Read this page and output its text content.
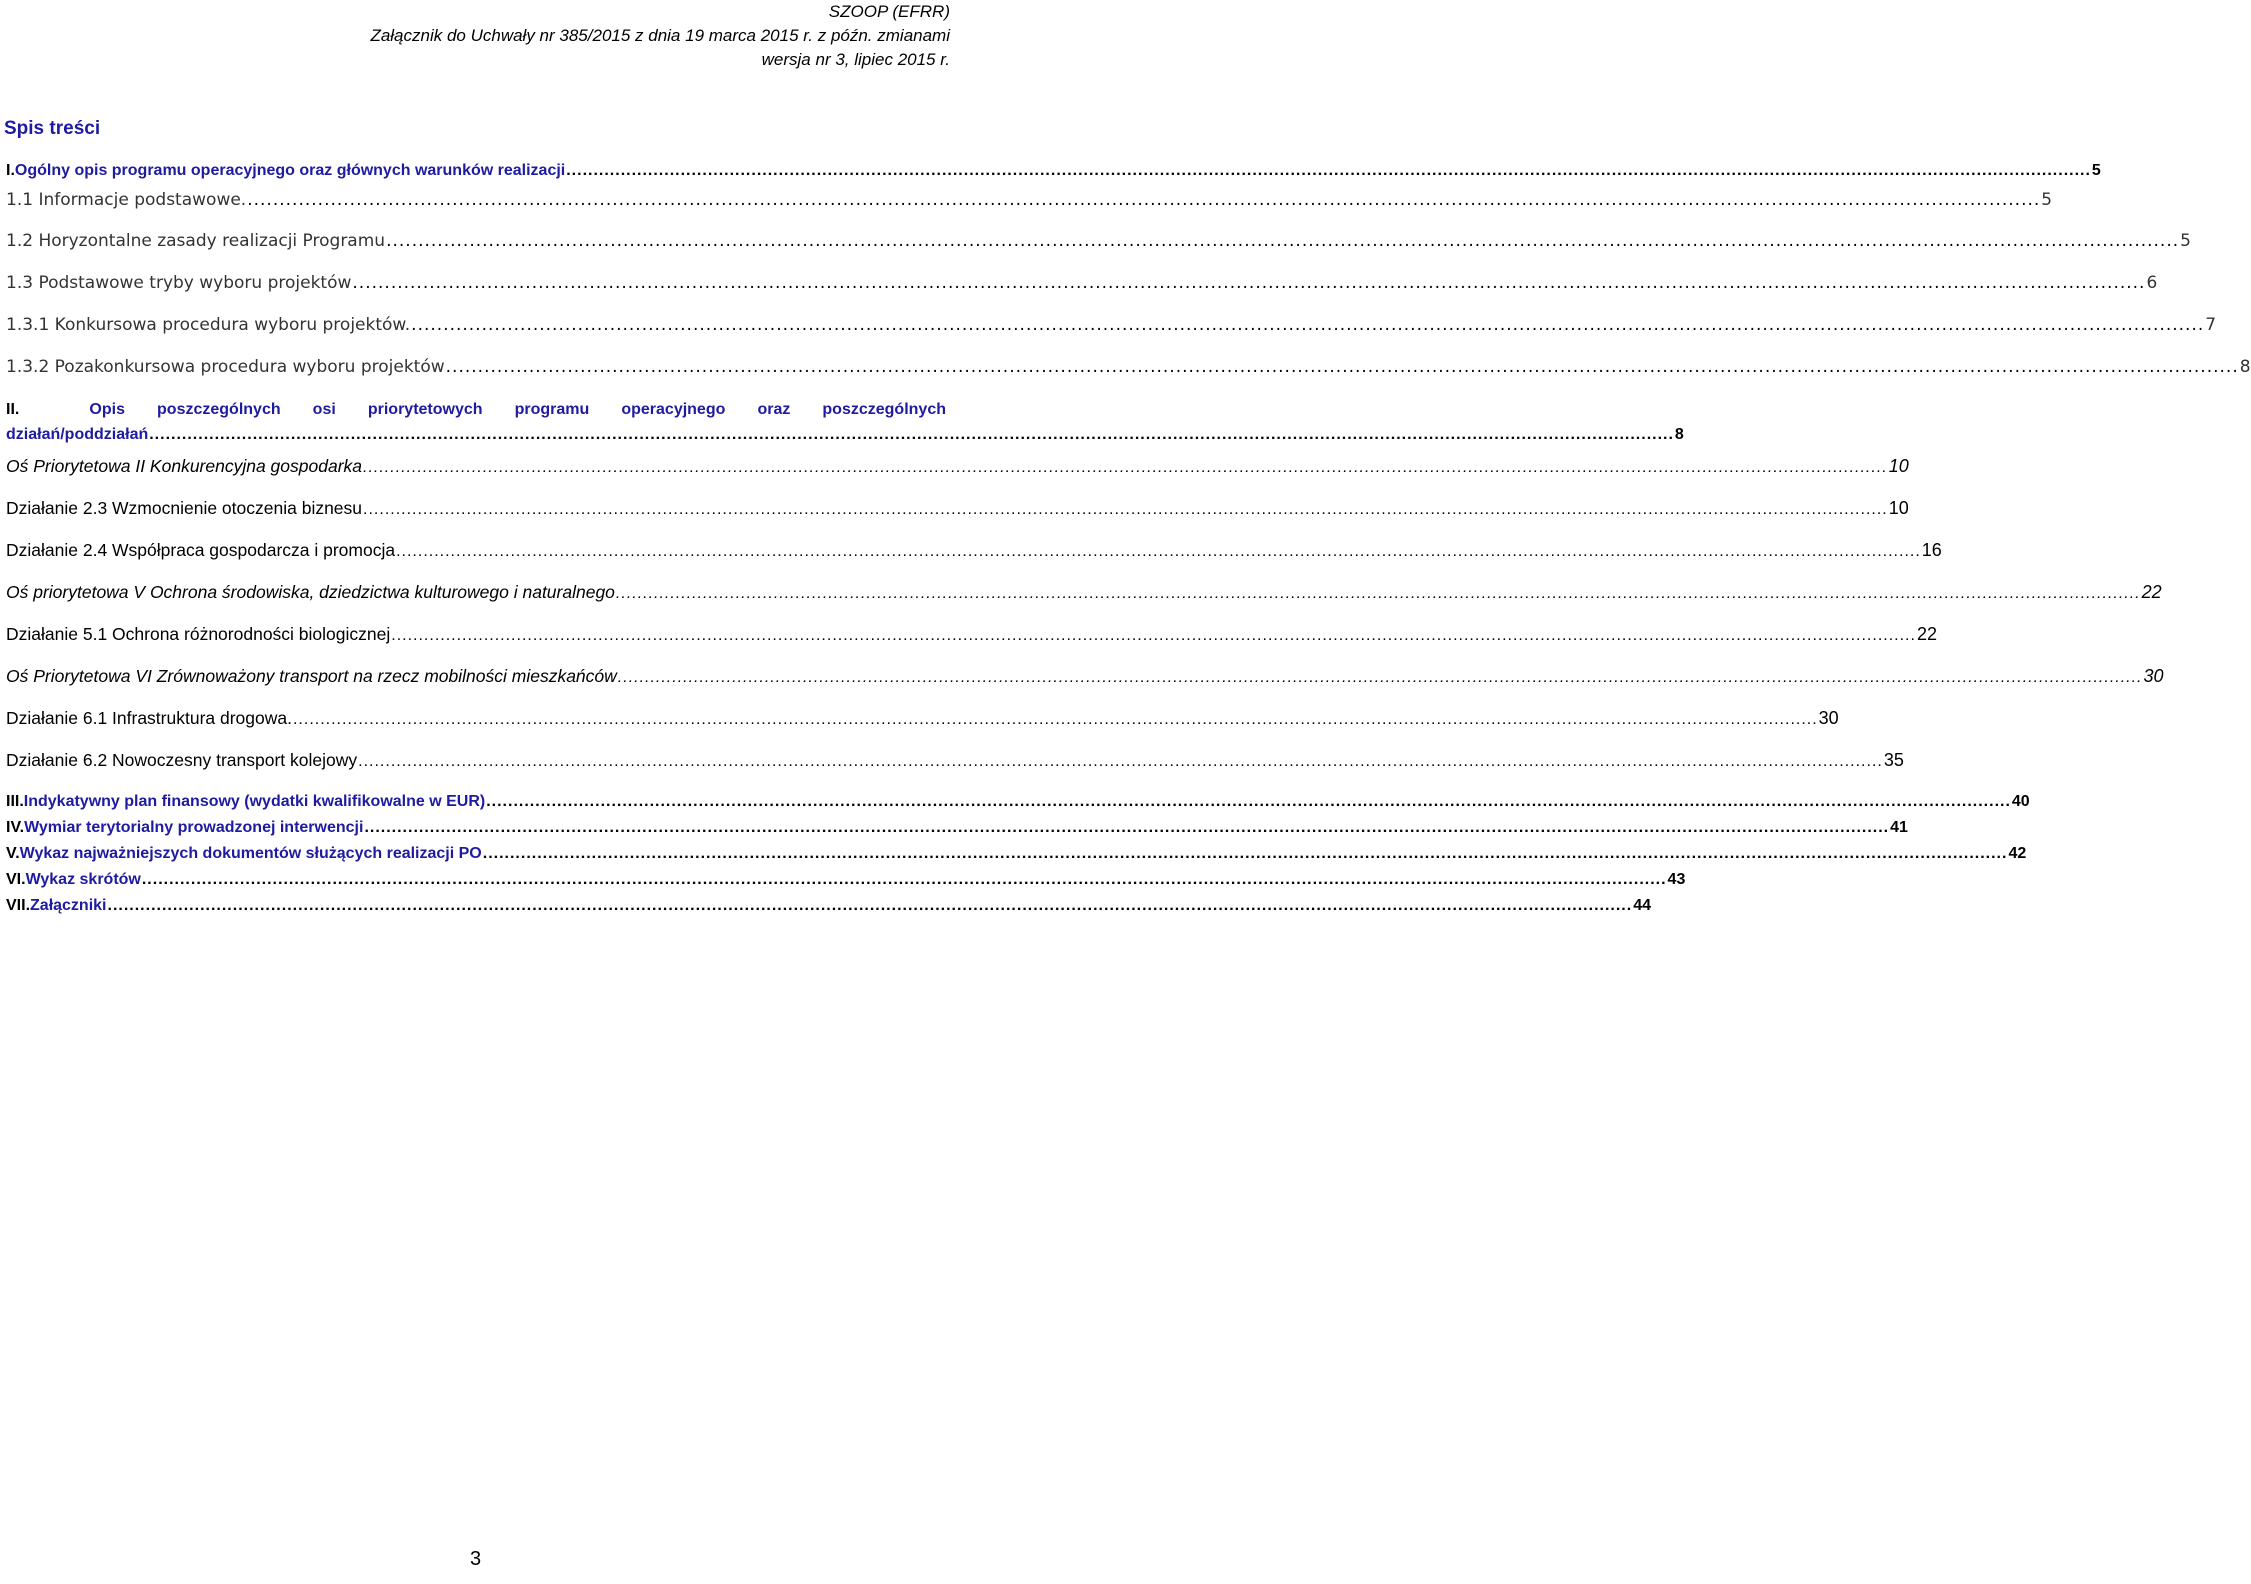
SZOOP (EFRR)
Załącznik do Uchwały nr 385/2015 z dnia 19 marca 2015 r. z późn. zmianami
wersja nr 3, lipiec 2015 r.
Spis treści
I. Ogólny opis programu operacyjnego oraz głównych warunków realizacji ........................................................................................................................................................................................................................................................................................ 5
1.1 Informacje podstawowe. ........................................................................................................................................................................................................................................................................................ 5
1.2 Horyzontalne zasady realizacji Programu ........................................................................................................................................................................................................................................................................................ 5
1.3 Podstawowe tryby wyboru projektów ........................................................................................................................................................................................................................................................................................ 6
1.3.1 Konkursowa procedura wyboru projektów. ........................................................................................................................................................................................................................................................................................ 7
1.3.2 Pozakonkursowa procedura wyboru projektów ........................................................................................................................................................................................................................................................................................ 8
II.	Opis poszczególnych osi priorytetowych programu operacyjnego oraz poszczególnych
działań/poddziałań ........................................................................................................................................................................................................................................................................................ 8
Oś Priorytetowa II Konkurencyjna gospodarka ........................................................................................................................................................................................................................................................................................ 10
Działanie 2.3 Wzmocnienie otoczenia biznesu ........................................................................................................................................................................................................................................................................................ 10
Działanie 2.4 Współpraca gospodarcza i promocja ........................................................................................................................................................................................................................................................................................ 16
Oś priorytetowa V Ochrona środowiska, dziedzictwa kulturowego i naturalnego ........................................................................................................................................................................................................................................................................................ 22
Działanie 5.1 Ochrona różnorodności biologicznej ........................................................................................................................................................................................................................................................................................ 22
Oś Priorytetowa VI Zrównoważony transport na rzecz mobilności mieszkańców ........................................................................................................................................................................................................................................................................................ 30
Działanie 6.1 Infrastruktura drogowa. ........................................................................................................................................................................................................................................................................................ 30
Działanie 6.2 Nowoczesny transport kolejowy ........................................................................................................................................................................................................................................................................................ 35
III. Indykatywny plan finansowy (wydatki kwalifikowalne w EUR) ........................................................................................................................................................................................................................................................................................ 40
IV. Wymiar terytorialny prowadzonej interwencji ........................................................................................................................................................................................................................................................................................ 41
V. Wykaz najważniejszych dokumentów służących realizacji PO ........................................................................................................................................................................................................................................................................................ 42
VI. Wykaz skrótów ........................................................................................................................................................................................................................................................................................ 43
VII. Załączniki ........................................................................................................................................................................................................................................................................................ 44
3
